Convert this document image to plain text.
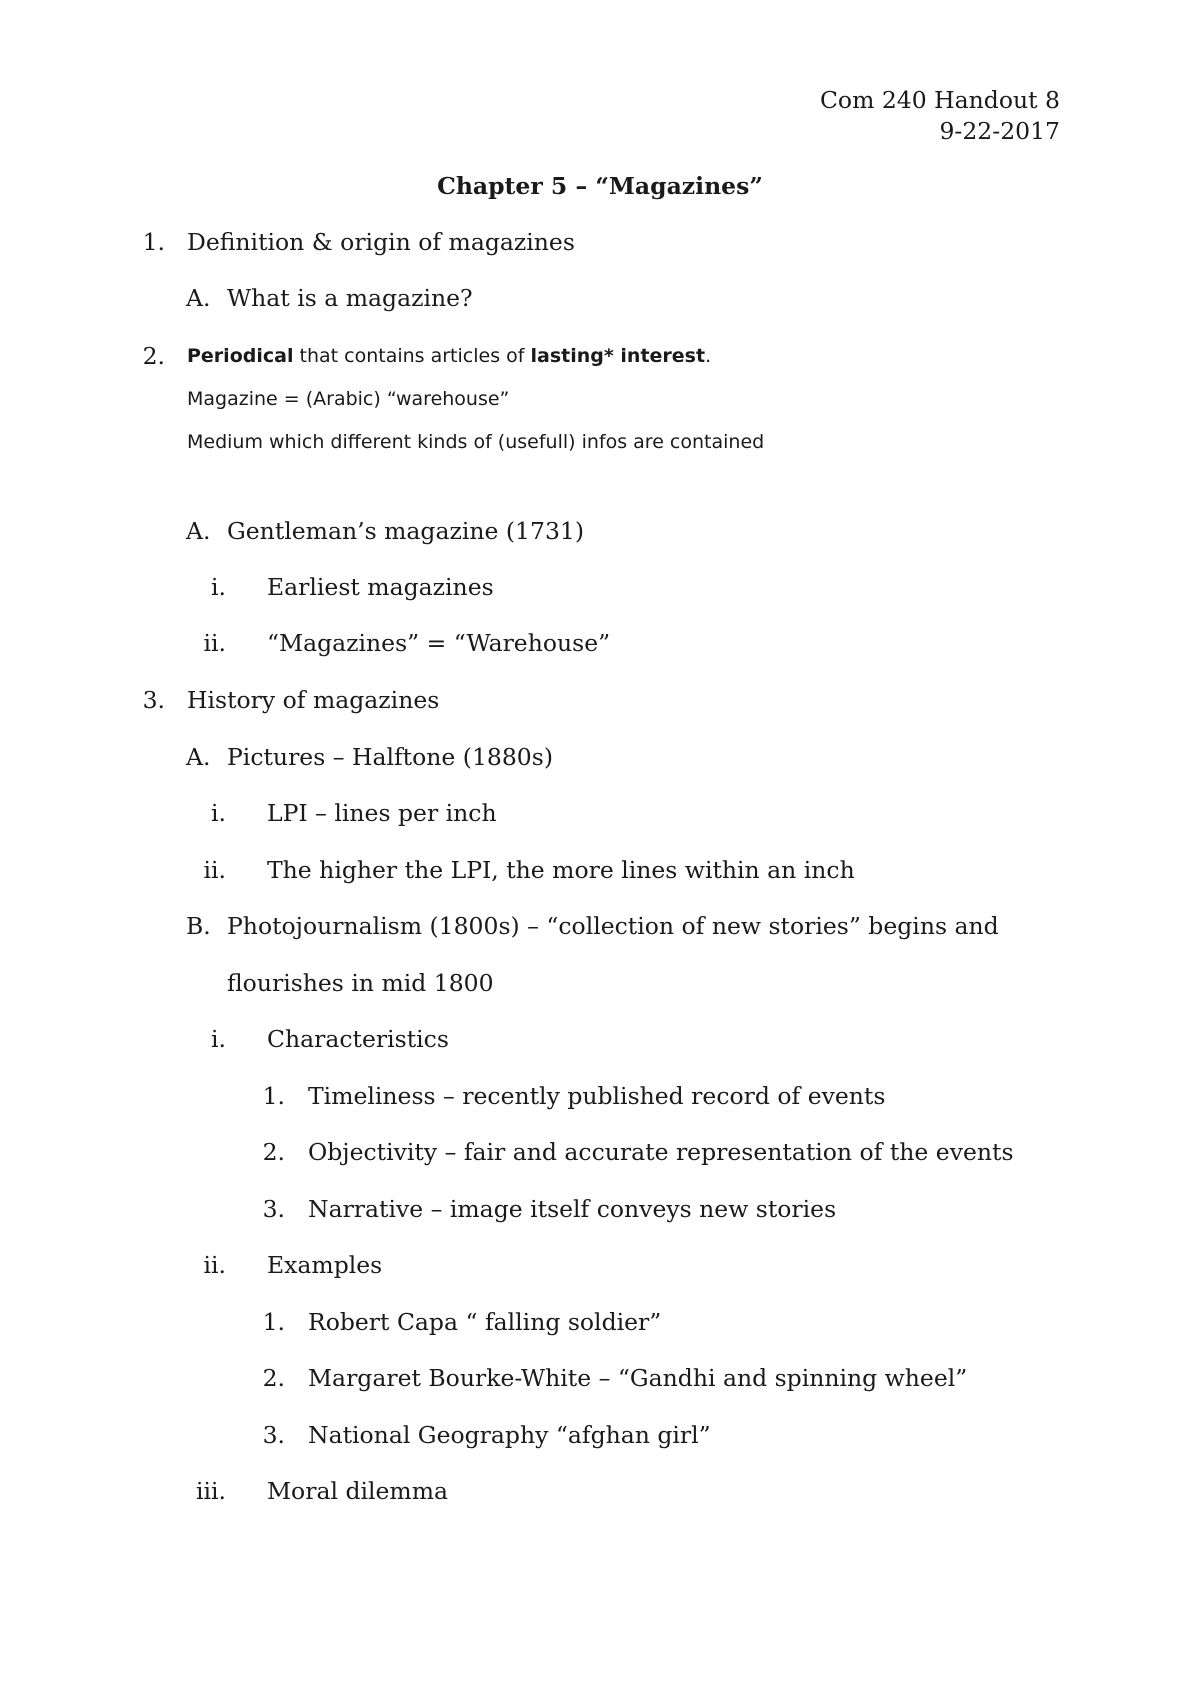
Com 240 Handout 8
9-22-2017
Chapter 5 – “Magazines”
1. Definition & origin of magazines
A. What is a magazine?
2. Periodical that contains articles of lasting* interest.
Magazine = (Arabic) “warehouse”
Medium which different kinds of (usefull) infos are contained
A. Gentleman’s magazine (1731)
i. Earliest magazines
ii. “Magazines” = “Warehouse”
3. History of magazines
A. Pictures – Halftone (1880s)
i. LPI – lines per inch
ii. The higher the LPI, the more lines within an inch
B. Photojournalism (1800s) – “collection of new stories” begins and
flourishes in mid 1800
i. Characteristics
1. Timeliness – recently published record of events
2. Objectivity – fair and accurate representation of the events
3. Narrative – image itself conveys new stories
ii. Examples
1. Robert Capa “ falling soldier”
2. Margaret Bourke-White – “Gandhi and spinning wheel”
3. National Geography “afghan girl”
iii. Moral dilemma
